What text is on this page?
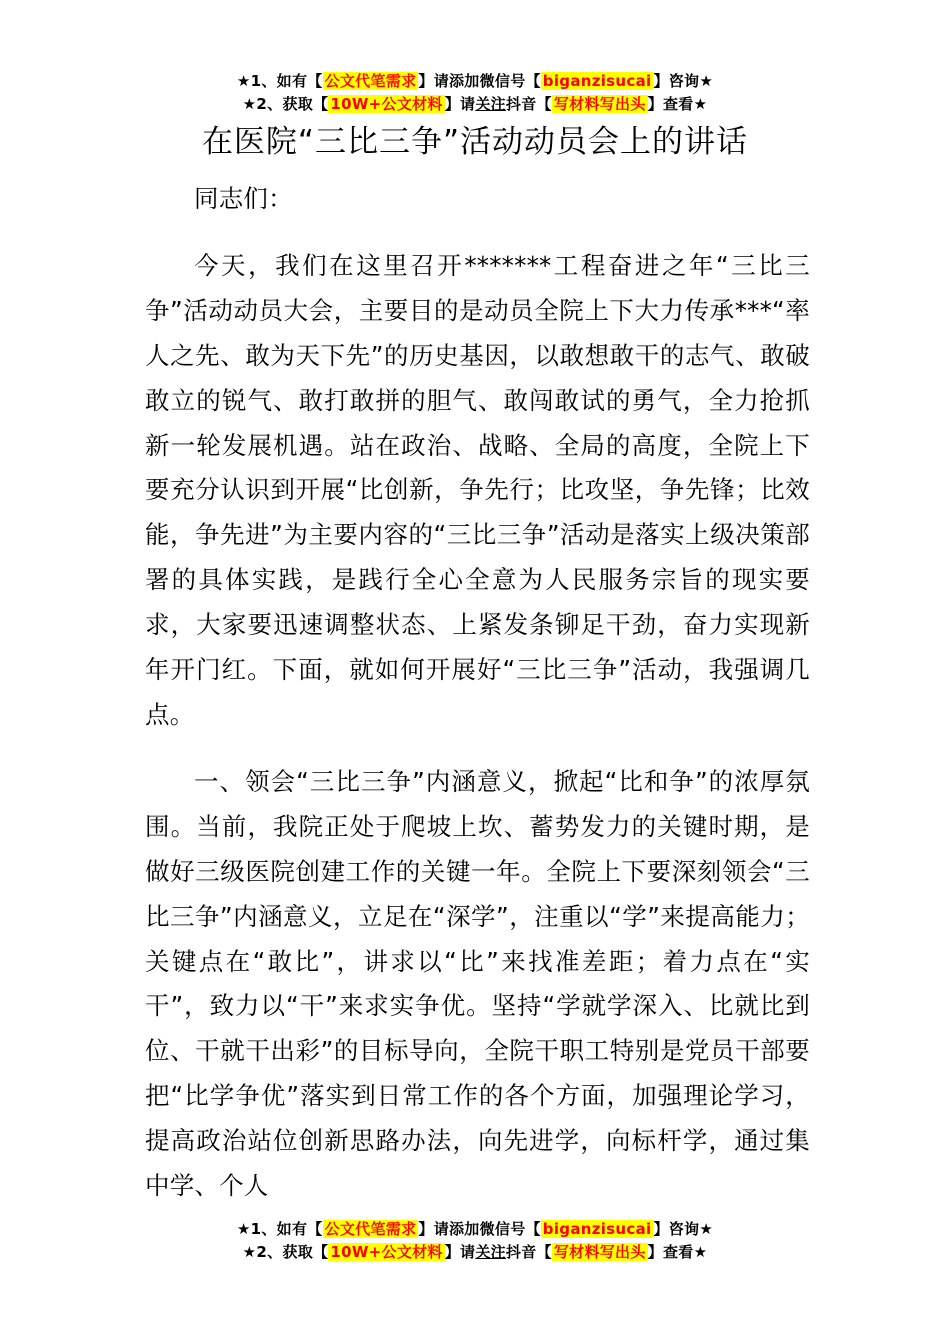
★1、如有【 公文代笔需求 】请添加微信号【 biganzisucai 】咨询★
★2、获取【 10W+公文材料 】请关注抖音【 写材料写出头 】查看★
在医院“三比三争”活动动员会上的讲话

同志们：

今天，我们在这里召开*******工程奋进之年“三比三争”活动动员大会，主要目的是动员全院上下大力传承***“率人之先、敢为天下先”的历史基因，以敢想敢干的志气、敢破敢立的锐气、敢打敢拼的胆气、敢闯敢试的勇气，全力抢抓新一轮发展机遇。站在政治、战略、全局的高度，全院上下要充分认识到开展“比创新，争先行；比攻坚，争先锋；比效能，争先进”为主要内容的“三比三争”活动是落实上级决策部署的具体实践，是践行全心全意为人民服务宗旨的现实要求，大家要迅速调整状态、上紧发条铆足干劲，奋力实现新年开门红。下面，就如何开展好“三比三争”活动，我强调几点。

一、领会“三比三争”内涵意义，掀起“比和争”的浓厚氛围。当前，我院正处于爬坡上坎、蓄势发力的关键时期，是做好三级医院创建工作的关键一年。全院上下要深刻领会“三比三争”内涵意义，立足在“深学”，注重以“学”来提高能力；关键点在“敢比”，讲求以“比”来找准差距；着力点在“实干”，致力以“干”来求实争优。坚持“学就学深入、比就比到位、干就干出彩”的目标导向，全院干职工特别是党员干部要把“比学争优”落实到日常工作的各个方面，加强理论学习，提高政治站位创新思路办法，向先进学，向标杆学，通过集中学、个人

★1、如有【 公文代笔需求 】请添加微信号【 biganzisucai 】咨询★
★2、获取【 10W+公文材料 】请关注抖音【 写材料写出头 】查看★
